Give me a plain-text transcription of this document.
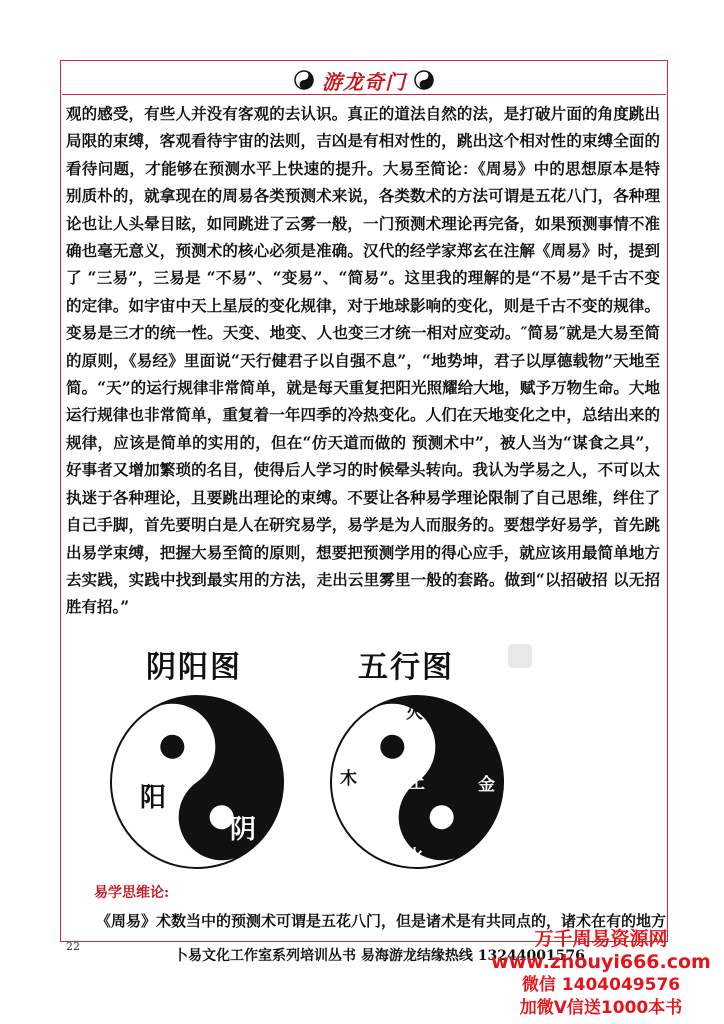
游龙奇门

观的感受，有些人并没有客观的去认识。真正的道法自然的法，是打破片面的角度跳出局限的束缚，客观看待宇宙的法则，吉凶是有相对性的，跳出这个相对性的束缚全面的看待问题，才能够在预测水平上快速的提升。大易至简论：《周易》中的思想原本是特别质朴的，就拿现在的周易各类预测术来说，各类数术的方法可谓是五花八门，各种理论也让人头晕目眩，如同跳进了云雾一般，一门预测术理论再完备，如果预测事情不准确也毫无意义，预测术的核心必须是准确。汉代的经学家郑玄在注解《周易》时，提到了 “三易”，三易是 “不易”、“变易”、“简易”。这里我的理解的是“不易”是千古不变的定律。如宇宙中天上星辰的变化规律，对于地球影响的变化，则是千古不变的规律。变易是三才的统一性。天变、地变、人也变三才统一相对应变动。″简易″就是大易至简的原则，《易经》里面说“天行健君子以自强不息”，“地势坤，君子以厚德载物”天地至简。“天”的运行规律非常简单，就是每天重复把阳光照耀给大地，赋予万物生命。大地运行规律也非常简单，重复着一年四季的冷热变化。人们在天地变化之中，总结出来的规律，应该是简单的实用的，但在“仿天道而做的 预测术中”，被人当为“谋食之具”，好事者又增加繁琐的名目，使得后人学习的时候晕头转向。我认为学易之人，不可以太执迷于各种理论，且要跳出理论的束缚。不要让各种易学理论限制了自己思维，绊住了自己手脚，首先要明白是人在研究易学，易学是为人而服务的。要想学好易学，首先跳出易学束缚，把握大易至简的原则，想要把预测学用的得心应手，就应该用最简单地方去实践，实践中找到最实用的方法，走出云里雾里一般的套路。做到“以招破招 以无招胜有招。”

阴阳图	五行图
阳
阴
火
木	土	金
水
易学思维论:
《周易》术数当中的预测术可谓是五花八门，但是诸术是有共同点的，诸术在有的地方
22
卜易文化工作室系列培训丛书 易海游龙结缘热线 13244001576
万千周易资源网
www.zhouyi666.com
微信 1404049576
加微V信送1000本书
